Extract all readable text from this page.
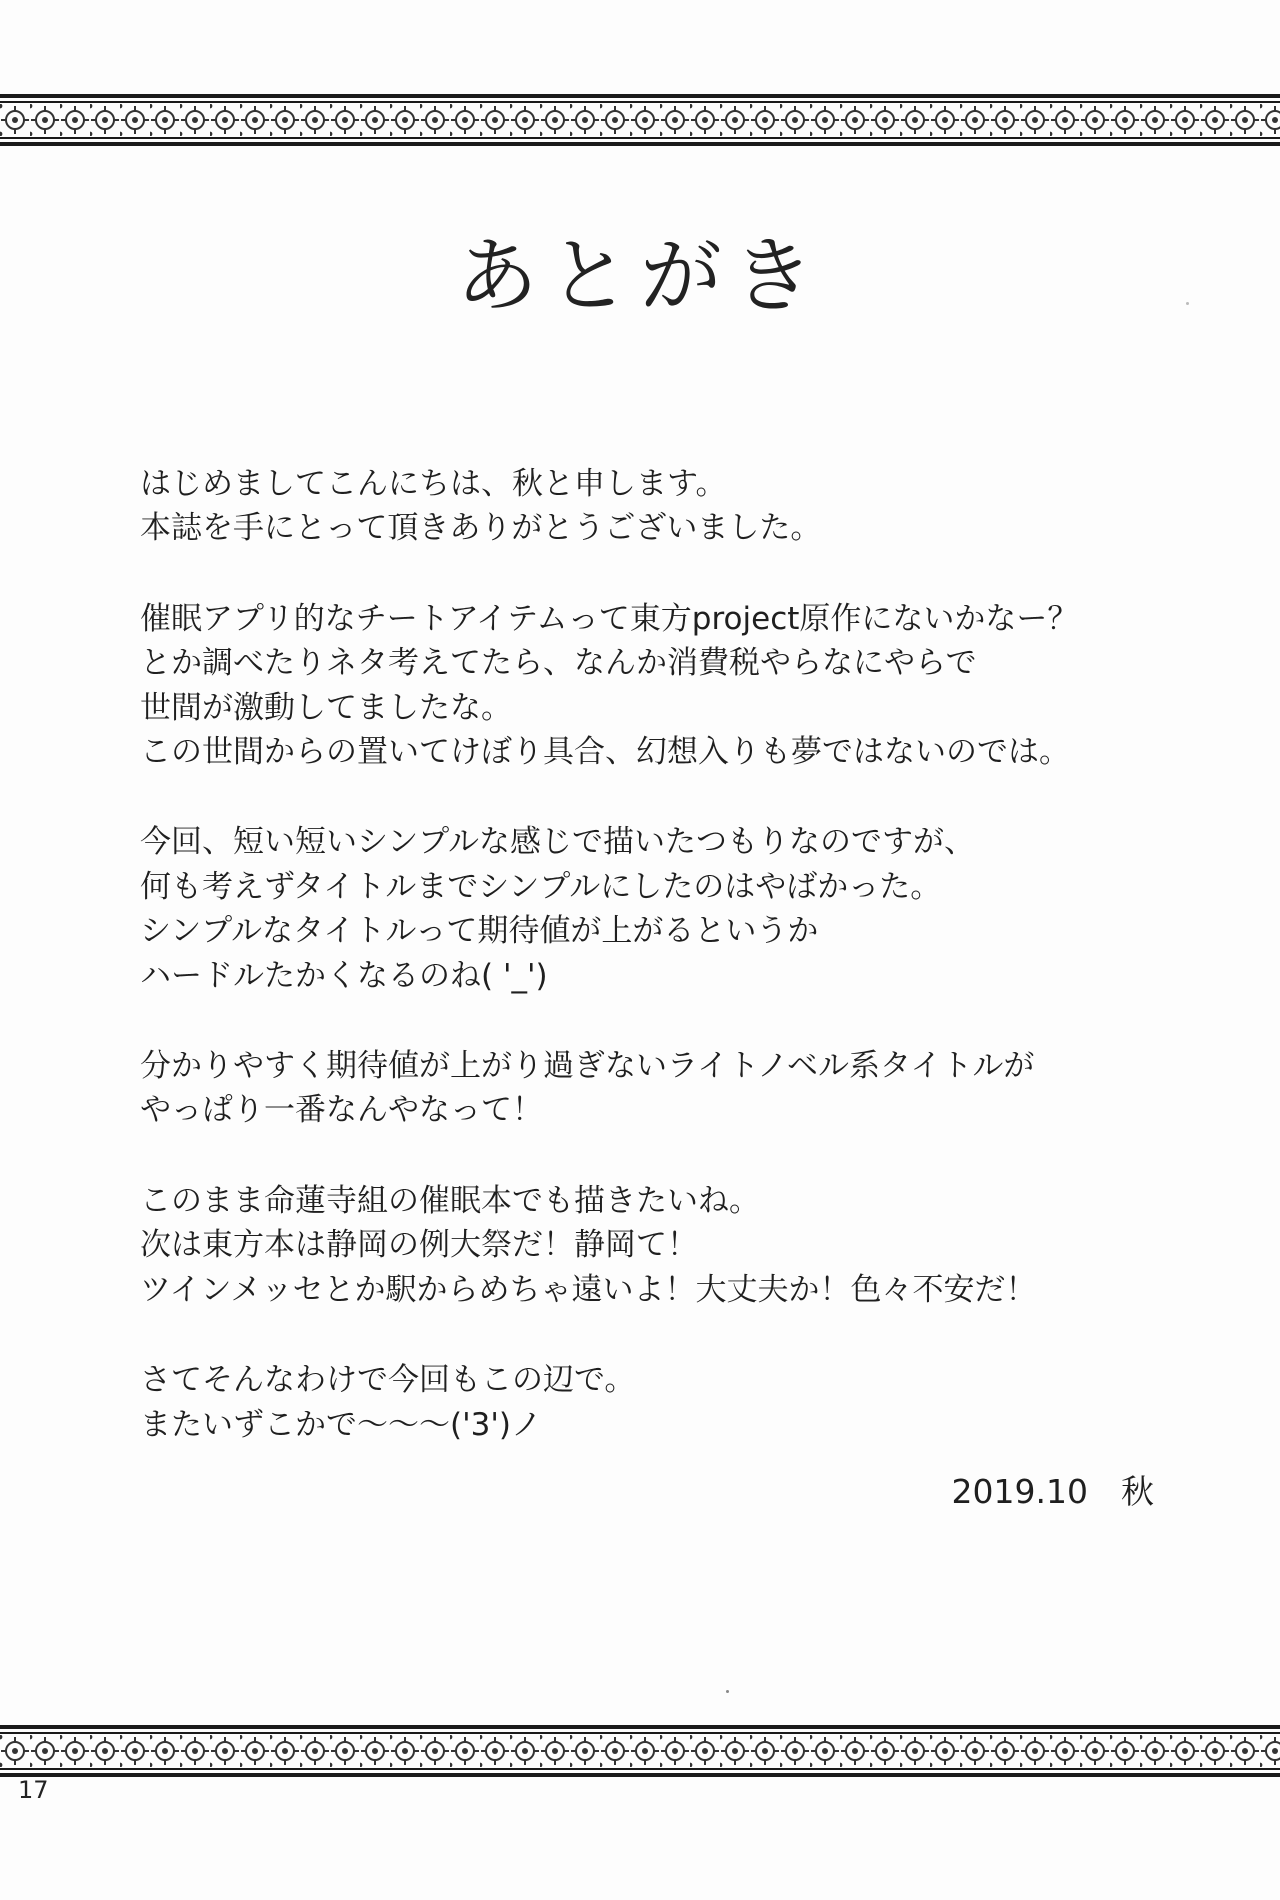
あとがき

はじめましてこんにちは、秋と申します。
本誌を手にとって頂きありがとうございました。

催眠アプリ的なチートアイテムって東方project原作にないかなー？
とか調べたりネタ考えてたら、なんか消費税やらなにやらで
世間が激動してましたな。
この世間からの置いてけぼり具合、幻想入りも夢ではないのでは。

今回、短い短いシンプルな感じで描いたつもりなのですが、
何も考えずタイトルまでシンプルにしたのはやばかった。
シンプルなタイトルって期待値が上がるというか
ハードルたかくなるのね( '_')

分かりやすく期待値が上がり過ぎないライトノベル系タイトルが
やっぱり一番なんやなって！

このまま命蓮寺組の催眠本でも描きたいね。
次は東方本は静岡の例大祭だ！静岡て！
ツインメッセとか駅からめちゃ遠いよ！大丈夫か！色々不安だ！

さてそんなわけで今回もこの辺で。
またいずこかで～～～('3')ノ

2019.10　秋
17
